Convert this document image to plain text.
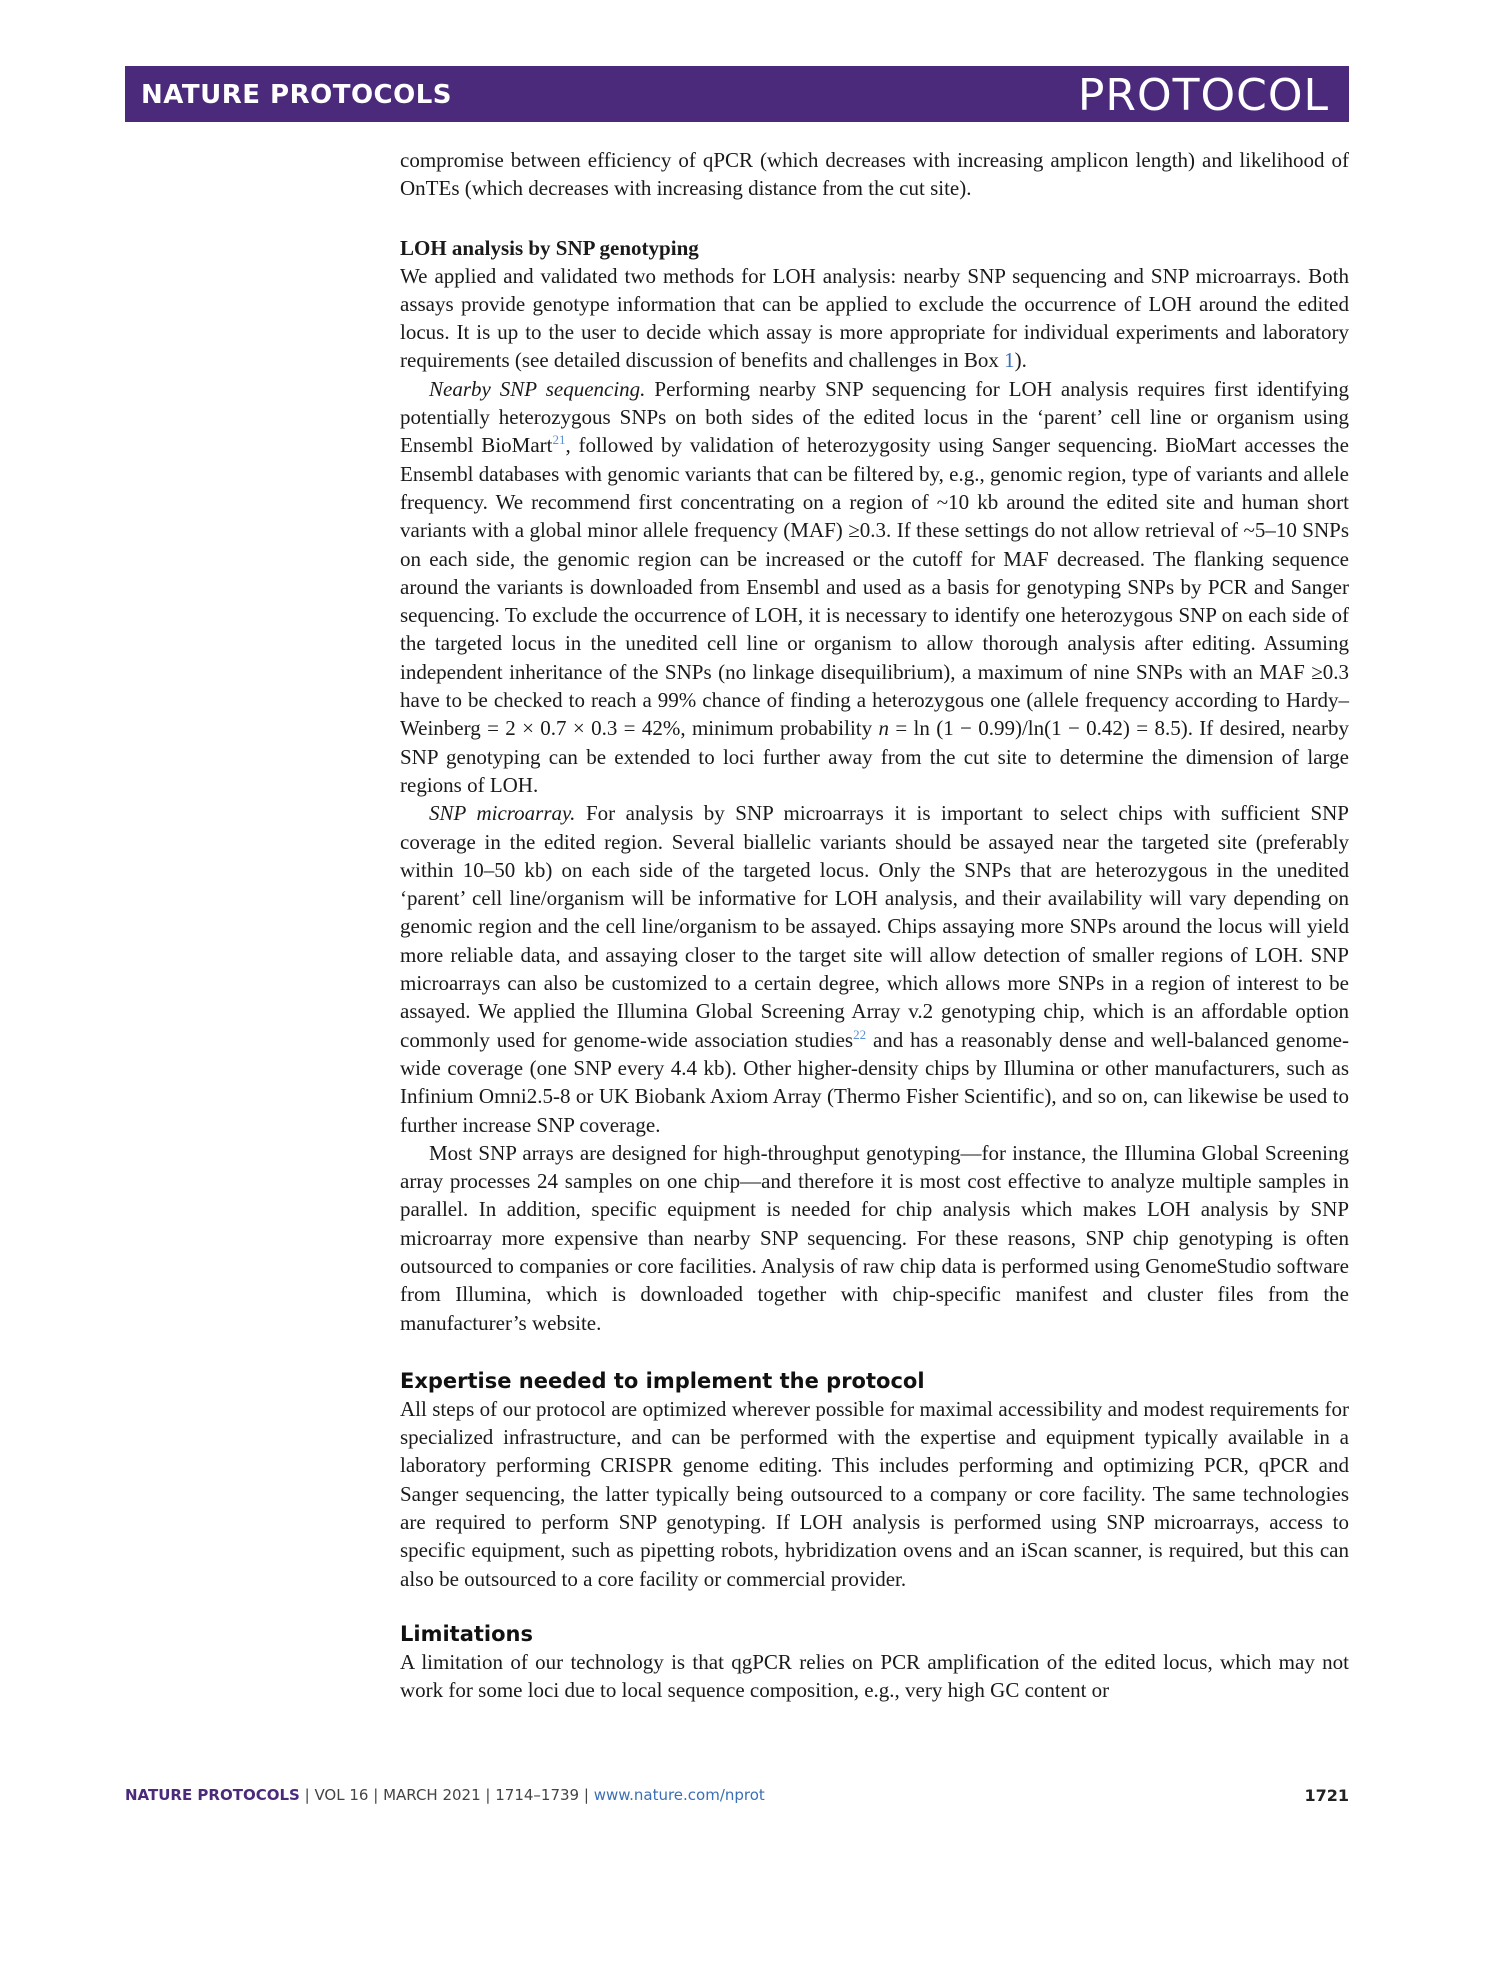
NATURE PROTOCOLS	PROTOCOL

compromise between efficiency of qPCR (which decreases with increasing amplicon length) and likelihood of OnTEs (which decreases with increasing distance from the cut site).

LOH analysis by SNP genotyping

We applied and validated two methods for LOH analysis: nearby SNP sequencing and SNP microarrays. Both assays provide genotype information that can be applied to exclude the occurrence of LOH around the edited locus. It is up to the user to decide which assay is more appropriate for individual experiments and laboratory requirements (see detailed discussion of benefits and challenges in Box 1).

Nearby SNP sequencing. Performing nearby SNP sequencing for LOH analysis requires first identifying potentially heterozygous SNPs on both sides of the edited locus in the ‘parent’ cell line or organism using Ensembl BioMart$^{21}$, followed by validation of heterozygosity using Sanger sequencing. BioMart accesses the Ensembl databases with genomic variants that can be filtered by, e.g., genomic region, type of variants and allele frequency. We recommend first concentrating on a region of ~10 kb around the edited site and human short variants with a global minor allele frequency (MAF) ≥0.3. If these settings do not allow retrieval of ~5–10 SNPs on each side, the genomic region can be increased or the cutoff for MAF decreased. The flanking sequence around the variants is downloaded from Ensembl and used as a basis for genotyping SNPs by PCR and Sanger sequencing. To exclude the occurrence of LOH, it is necessary to identify one heterozygous SNP on each side of the targeted locus in the unedited cell line or organism to allow thorough analysis after editing. Assuming independent inheritance of the SNPs (no linkage disequilibrium), a maximum of nine SNPs with an MAF ≥0.3 have to be checked to reach a 99% chance of finding a heterozygous one (allele frequency according to Hardy–Weinberg = 2 × 0.7 × 0.3 = 42%, minimum probability n = ln (1 − 0.99)/ln(1 − 0.42) = 8.5). If desired, nearby SNP genotyping can be extended to loci further away from the cut site to determine the dimension of large regions of LOH.

SNP microarray. For analysis by SNP microarrays it is important to select chips with sufficient SNP coverage in the edited region. Several biallelic variants should be assayed near the targeted site (preferably within 10–50 kb) on each side of the targeted locus. Only the SNPs that are heterozygous in the unedited ‘parent’ cell line/organism will be informative for LOH analysis, and their availability will vary depending on genomic region and the cell line/organism to be assayed. Chips assaying more SNPs around the locus will yield more reliable data, and assaying closer to the target site will allow detection of smaller regions of LOH. SNP microarrays can also be customized to a certain degree, which allows more SNPs in a region of interest to be assayed. We applied the Illumina Global Screening Array v.2 genotyping chip, which is an affordable option commonly used for genome-wide association studies$^{22}$ and has a reasonably dense and well-balanced genome-wide coverage (one SNP every 4.4 kb). Other higher-density chips by Illumina or other manufacturers, such as Infinium Omni2.5-8 or UK Biobank Axiom Array (Thermo Fisher Scientific), and so on, can likewise be used to further increase SNP coverage.

Most SNP arrays are designed for high-throughput genotyping—for instance, the Illumina Global Screening array processes 24 samples on one chip—and therefore it is most cost effective to analyze multiple samples in parallel. In addition, specific equipment is needed for chip analysis which makes LOH analysis by SNP microarray more expensive than nearby SNP sequencing. For these reasons, SNP chip genotyping is often outsourced to companies or core facilities. Analysis of raw chip data is performed using GenomeStudio software from Illumina, which is downloaded together with chip-specific manifest and cluster files from the manufacturer’s website.

Expertise needed to implement the protocol

All steps of our protocol are optimized wherever possible for maximal accessibility and modest requirements for specialized infrastructure, and can be performed with the expertise and equipment typically available in a laboratory performing CRISPR genome editing. This includes performing and optimizing PCR, qPCR and Sanger sequencing, the latter typically being outsourced to a company or core facility. The same technologies are required to perform SNP genotyping. If LOH analysis is performed using SNP microarrays, access to specific equipment, such as pipetting robots, hybridization ovens and an iScan scanner, is required, but this can also be outsourced to a core facility or commercial provider.

Limitations

A limitation of our technology is that qgPCR relies on PCR amplification of the edited locus, which may not work for some loci due to local sequence composition, e.g., very high GC content or

NATURE PROTOCOLS | VOL 16 | MARCH 2021 | 1714–1739 | www.nature.com/nprot	1721
